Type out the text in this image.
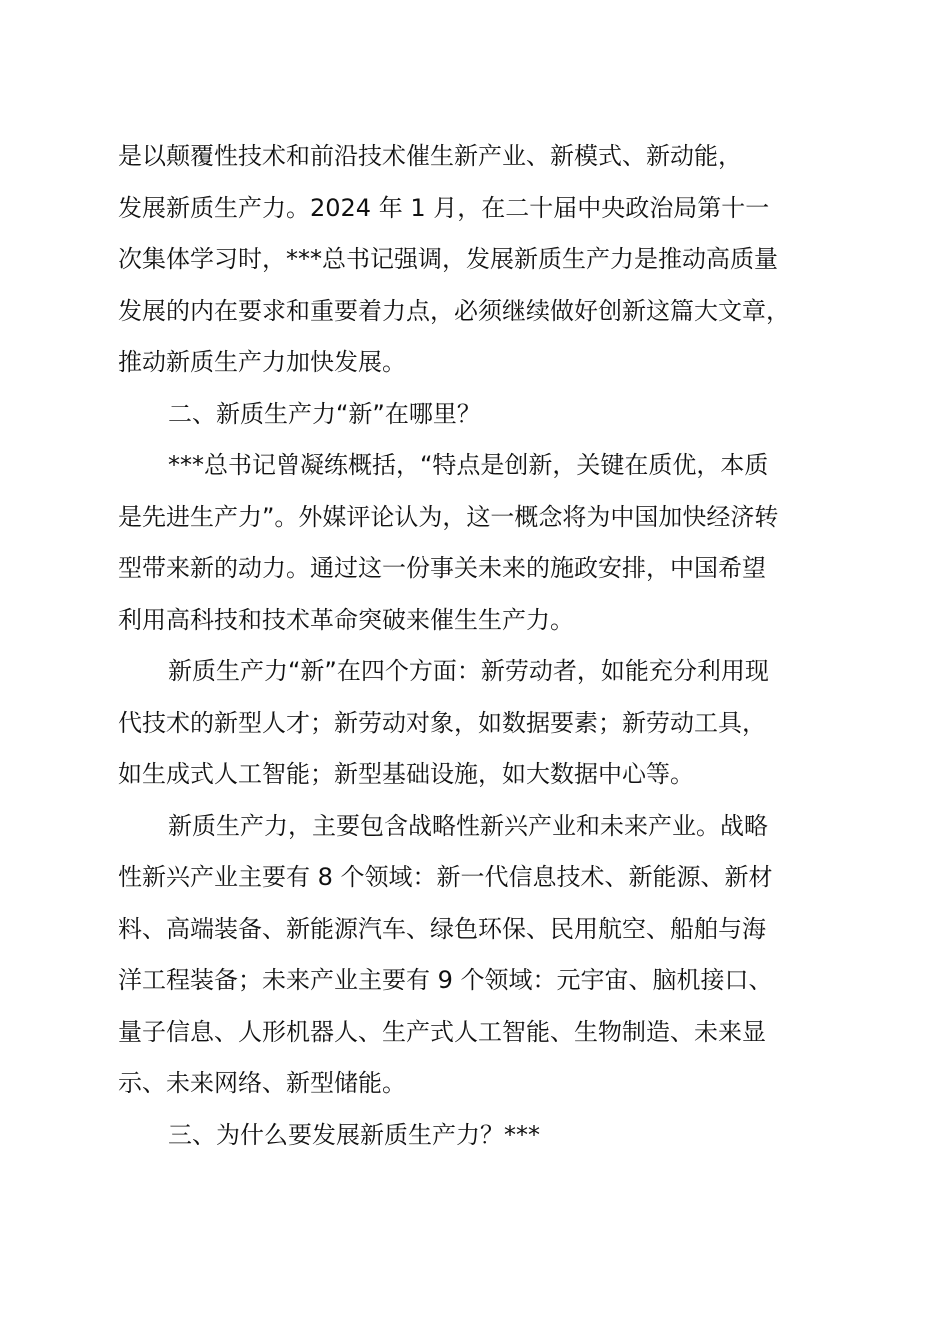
是以颠覆性技术和前沿技术催生新产业、新模式、新动能，
发展新质生产力。2024 年 1 月，在二十届中央政治局第十一
次集体学习时，***总书记强调，发展新质生产力是推动高质量
发展的内在要求和重要着力点，必须继续做好创新这篇大文章，
推动新质生产力加快发展。
二、新质生产力“新”在哪里？
***总书记曾凝练概括，“特点是创新，关键在质优，本质
是先进生产力”。外媒评论认为，这一概念将为中国加快经济转
型带来新的动力。通过这一份事关未来的施政安排，中国希望
利用高科技和技术革命突破来催生生产力。
新质生产力“新”在四个方面：新劳动者，如能充分利用现
代技术的新型人才；新劳动对象，如数据要素；新劳动工具，
如生成式人工智能；新型基础设施，如大数据中心等。
新质生产力，主要包含战略性新兴产业和未来产业。战略
性新兴产业主要有 8 个领域：新一代信息技术、新能源、新材
料、高端装备、新能源汽车、绿色环保、民用航空、船舶与海
洋工程装备；未来产业主要有 9 个领域：元宇宙、脑机接口、
量子信息、人形机器人、生产式人工智能、生物制造、未来显
示、未来网络、新型储能。
三、为什么要发展新质生产力？***
